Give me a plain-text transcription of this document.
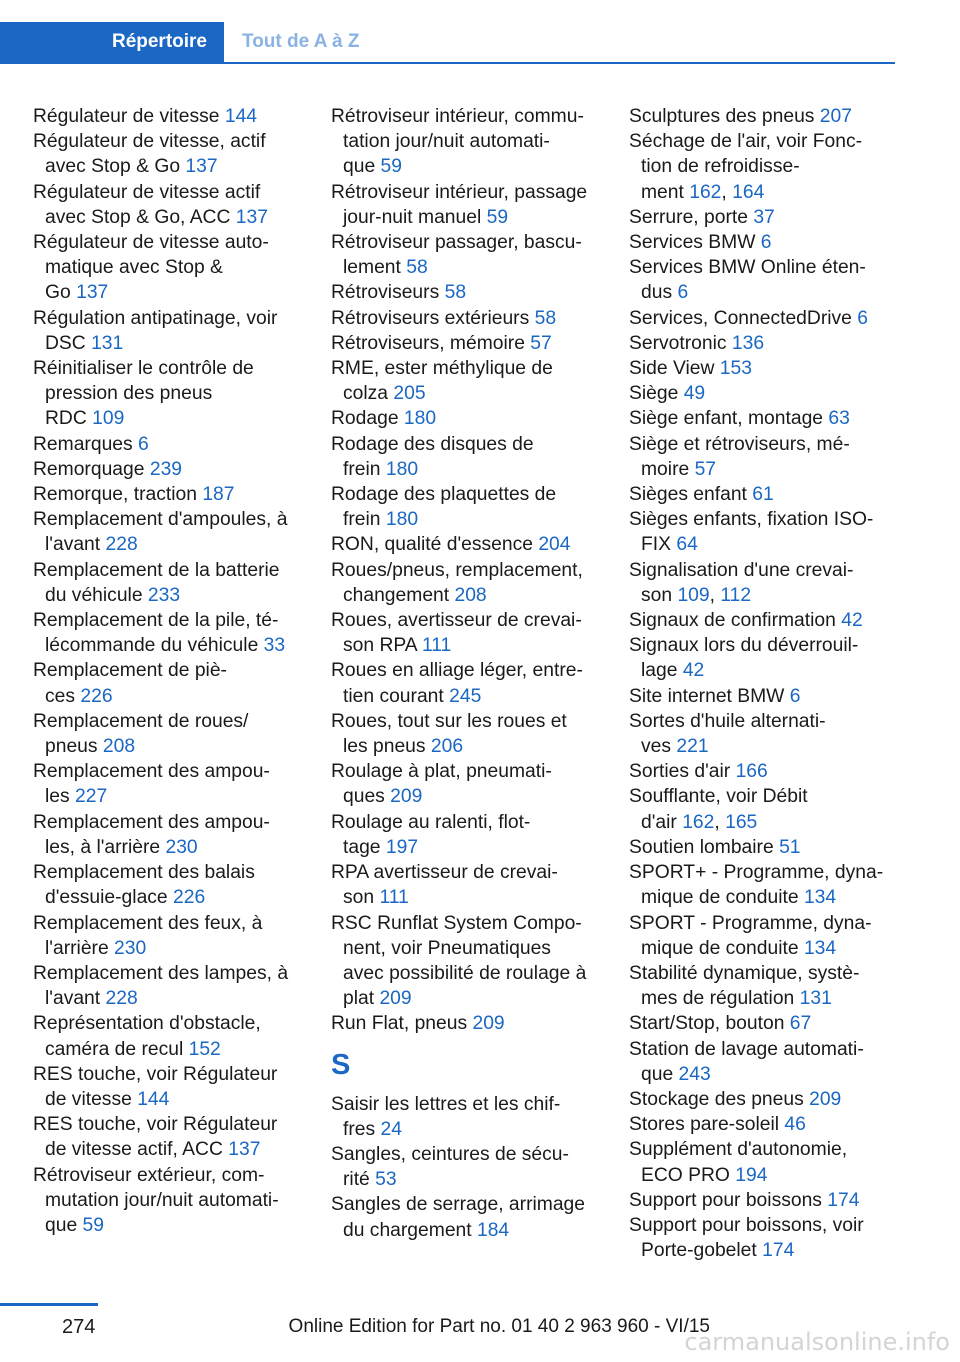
Répertoire	Tout de A à Z

Régulateur de vitesse 144

Régulateur de vitesse, actif
avec Stop & Go 137

Régulateur de vitesse actif
avec Stop & Go, ACC 137

Régulateur de vitesse auto‐
matique avec Stop &
Go 137

Régulation antipatinage, voir
DSC 131

Réinitialiser le contrôle de
pression des pneus
RDC 109

Remarques 6

Remorquage 239

Remorque, traction 187

Remplacement d'ampoules, à
l'avant 228

Remplacement de la batterie
du véhicule 233

Remplacement de la pile, té‐
lécommande du véhicule 33

Remplacement de piè‐
ces 226

Remplacement de roues/
pneus 208

Remplacement des ampou‐
les 227

Remplacement des ampou‐
les, à l'arrière 230

Remplacement des balais
d'essuie-glace 226

Remplacement des feux, à
l'arrière 230

Remplacement des lampes, à
l'avant 228

Représentation d'obstacle,
caméra de recul 152

RES touche, voir Régulateur
de vitesse 144

RES touche, voir Régulateur
de vitesse actif, ACC 137

Rétroviseur extérieur, com‐
mutation jour/nuit automati‐
que 59

Rétroviseur intérieur, commu‐
tation jour/nuit automati‐
que 59

Rétroviseur intérieur, passage
jour-nuit manuel 59

Rétroviseur passager, bascu‐
lement 58

Rétroviseurs 58

Rétroviseurs extérieurs 58

Rétroviseurs, mémoire 57

RME, ester méthylique de
colza 205

Rodage 180

Rodage des disques de
frein 180

Rodage des plaquettes de
frein 180

RON, qualité d'essence 204

Roues/pneus, remplacement,
changement 208

Roues, avertisseur de crevai‐
son RPA 111

Roues en alliage léger, entre‐
tien courant 245

Roues, tout sur les roues et
les pneus 206

Roulage à plat, pneumati‐
ques 209

Roulage au ralenti, flot‐
tage 197

RPA avertisseur de crevai‐
son 111

RSC Runflat System Compo‐
nent, voir Pneumatiques
avec possibilité de roulage à
plat 209

Run Flat, pneus 209

S

Saisir les lettres et les chif‐
fres 24

Sangles, ceintures de sécu‐
rité 53

Sangles de serrage, arrimage
du chargement 184

Sculptures des pneus 207

Séchage de l'air, voir Fonc‐
tion de refroidisse‐
ment 162, 164

Serrure, porte 37

Services BMW 6

Services BMW Online éten‐
dus 6

Services, ConnectedDrive 6

Servotronic 136

Side View 153

Siège 49

Siège enfant, montage 63

Siège et rétroviseurs, mé‐
moire 57

Sièges enfant 61

Sièges enfants, fixation ISO‐
FIX 64

Signalisation d'une crevai‐
son 109, 112

Signaux de confirmation 42

Signaux lors du déverrouil‐
lage 42

Site internet BMW 6

Sortes d'huile alternati‐
ves 221

Sorties d'air 166

Soufflante, voir Débit
d'air 162, 165

Soutien lombaire 51

SPORT+ - Programme, dyna‐
mique de conduite 134

SPORT - Programme, dyna‐
mique de conduite 134

Stabilité dynamique, systè‐
mes de régulation 131

Start/Stop, bouton 67

Station de lavage automati‐
que 243

Stockage des pneus 209

Stores pare-soleil 46

Supplément d'autonomie,
ECO PRO 194

Support pour boissons 174

Support pour boissons, voir
Porte-gobelet 174

274	Online Edition for Part no. 01 40 2 963 960 - VI/15
carmanualsonline.info
